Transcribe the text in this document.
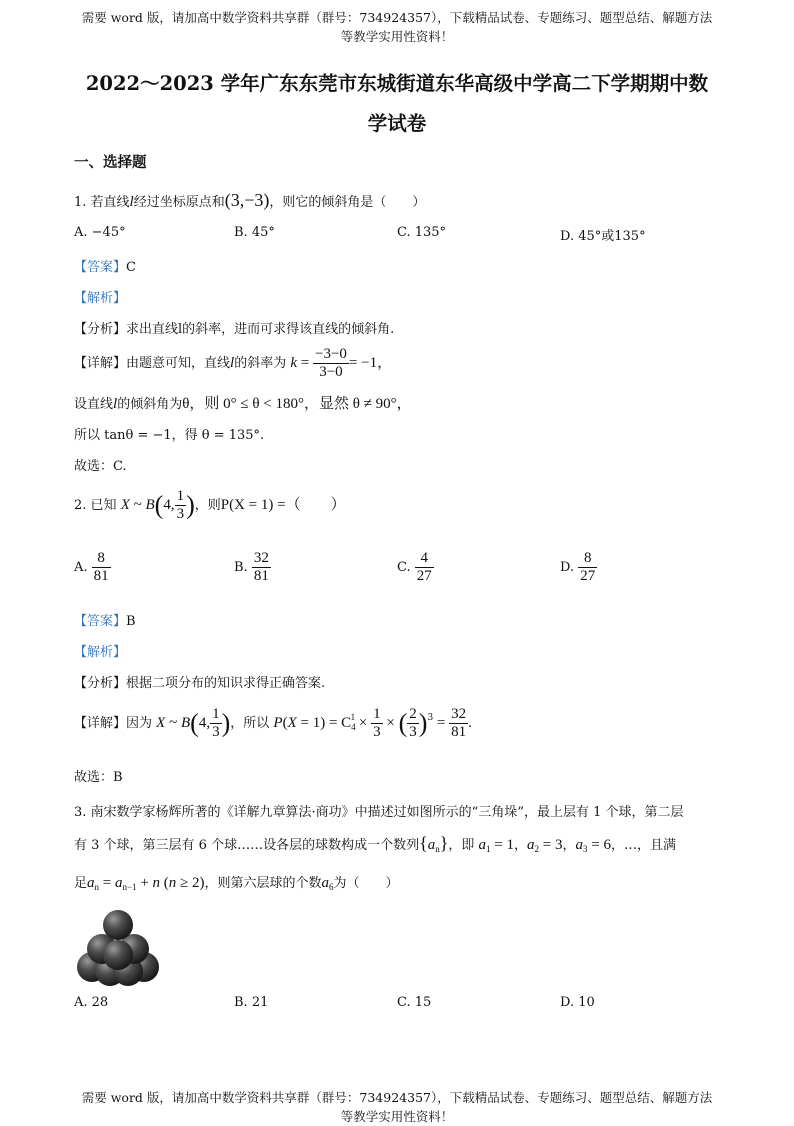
需要 word 版，请加高中数学资料共享群（群号：734924357），下载精品试卷、专题练习、题型总结、解题方法
等教学实用性资料！
2022～2023 学年广东东莞市东城街道东华高级中学高二下学期期中数
学试卷
一、选择题
1. 若直线l经过坐标原点和(3,−3)，则它的倾斜角是（　　）
A. −45°	B. 45°	C. 135°	D. 45°或135°
【答案】C
【解析】
【分析】求出直线l的斜率，进而可求得该直线的倾斜角.
【详解】由题意可知，直线l的斜率为 $k = \frac{-3-0}{3-0} = -1$，
设直线l的倾斜角为θ，则 0° ≤ θ < 180°，显然 θ ≠ 90°，
所以 tanθ = −1，得 θ = 135°.
故选：C.
2. 已知 X ~ B(4, $\frac{1}{3}$ )，则P(X = 1) =（　　）
A. $\frac{8}{81}$	B. $\frac{32}{81}$	C. $\frac{4}{27}$	D. $\frac{8}{27}$
【答案】B
【解析】
【分析】根据二项分布的知识求得正确答案.
【详解】因为 X ~ B(4, $\frac{1}{3}$ )，所以 $P(X = 1) = C_4^1 \times \frac{1}{3}$ × ( $\frac{2}{3} )^3 = \frac{32}{81}$ .
故选：B
3. 南宋数学家杨辉所著的《详解九章算法·商功》中描述过如图所示的“三角垛”，最上层有 1 个球，第二层
有 3 个球，第三层有 6 个球……设各层的球数构成一个数列$\{a_n\}$，即 $a_1 = 1$，$a_2 = 3$，$a_3 = 6$，…，且满
足$a_n = a_{n-1} + n$ (n ≥ 2)，则第六层球的个数$a_6$为（　　）
A. 28	B. 21	C. 15	D. 10
需要 word 版，请加高中数学资料共享群（群号：734924357），下载精品试卷、专题练习、题型总结、解题方法
等教学实用性资料！
